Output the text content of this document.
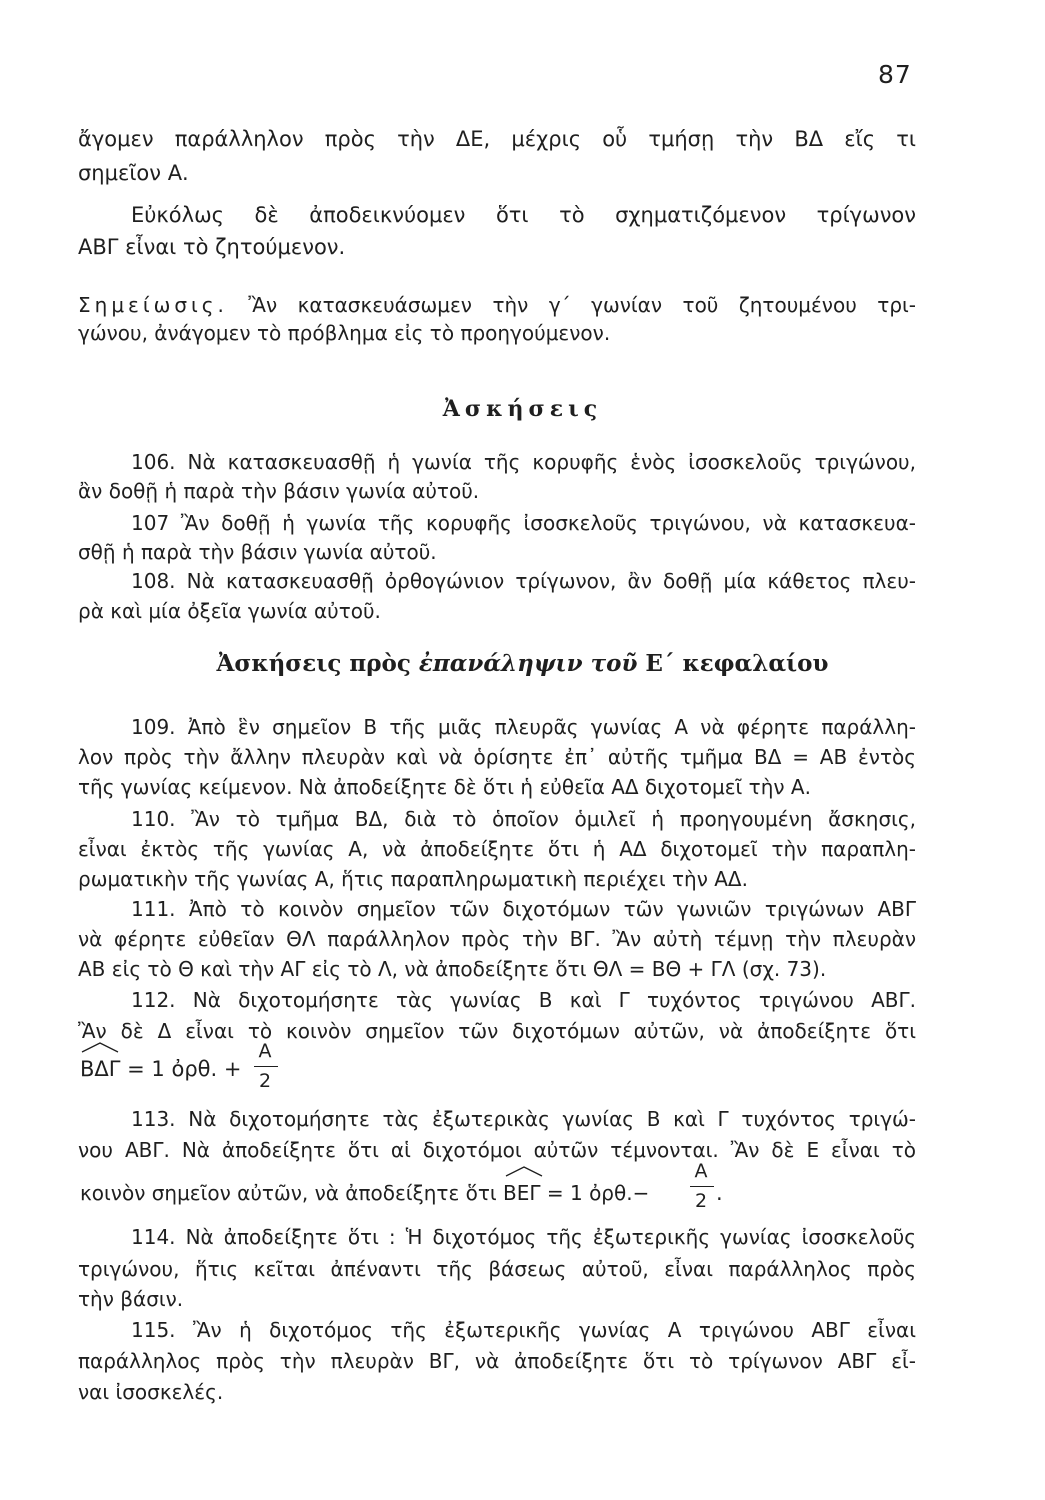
87
ἄγομεν παράλληλον πρὸς τὴν ΔΕ, μέχρις οὗ τμήσῃ τὴν ΒΔ εἴς τι
σημεῖον Α.
Εὐκόλως δὲ ἀποδεικνύομεν ὅτι τὸ σχηματιζόμενον τρίγωνον
ΑΒΓ εἶναι τὸ ζητούμενον.
Σημείωσις. Ἂν κατασκευάσωμεν τὴν γ΄ γωνίαν τοῦ ζητουμένου τρι-
γώνου, ἀνάγομεν τὸ πρόβλημα εἰς τὸ προηγούμενον.
Ἀσκήσεις
106. Νὰ κατασκευασθῇ ἡ γωνία τῆς κορυφῆς ἑνὸς ἰσοσκελοῦς τριγώνου,
ἂν δοθῇ ἡ παρὰ τὴν βάσιν γωνία αὐτοῦ.
107 Ἂν δοθῇ ἡ γωνία τῆς κορυφῆς ἰσοσκελοῦς τριγώνου, νὰ κατασκευα-
σθῇ ἡ παρὰ τὴν βάσιν γωνία αὐτοῦ.
108. Νὰ κατασκευασθῇ ὀρθογώνιον τρίγωνον, ἂν δοθῇ μία κάθετος πλευ-
ρὰ καὶ μία ὀξεῖα γωνία αὐτοῦ.
Ἀσκήσεις πρὸς ἐπανάληψιν τοῦ Ε΄ κεφαλαίου
109. Ἀπὸ ἓν σημεῖον Β τῆς μιᾶς πλευρᾶς γωνίας Α νὰ φέρητε παράλλη-
λον πρὸς τὴν ἄλλην πλευρὰν καὶ νὰ ὁρίσητε ἐπ᾽ αὐτῆς τμῆμα ΒΔ = ΑΒ ἐντὸς
τῆς γωνίας κείμενον. Νὰ ἀποδείξητε δὲ ὅτι ἡ εὐθεῖα ΑΔ διχοτομεῖ τὴν Α.
110. Ἂν τὸ τμῆμα ΒΔ, διὰ τὸ ὁποῖον ὁμιλεῖ ἡ προηγουμένη ἄσκησις,
εἶναι ἐκτὸς τῆς γωνίας Α, νὰ ἀποδείξητε ὅτι ἡ ΑΔ διχοτομεῖ τὴν παραπλη-
ρωματικὴν τῆς γωνίας Α, ἥτις παραπληρωματικὴ περιέχει τὴν ΑΔ.
111. Ἀπὸ τὸ κοινὸν σημεῖον τῶν διχοτόμων τῶν γωνιῶν τριγώνων ΑΒΓ
νὰ φέρητε εὐθεῖαν ΘΛ παράλληλον πρὸς τὴν ΒΓ. Ἂν αὐτὴ τέμνῃ τὴν πλευρὰν
ΑΒ εἰς τὸ Θ καὶ τὴν ΑΓ εἰς τὸ Λ, νὰ ἀποδείξητε ὅτι ΘΛ = ΒΘ + ΓΛ (σχ. 73).
112. Νὰ διχοτομήσητε τὰς γωνίας Β καὶ Γ τυχόντος τριγώνου ΑΒΓ.
Ἂν δὲ Δ εἶναι τὸ κοινὸν σημεῖον τῶν διχοτόμων αὐτῶν, νὰ ἀποδείξητε ὅτι
ΒΔΓ = 1 ὀρθ. +
Α
2
113. Νὰ διχοτομήσητε τὰς ἐξωτερικὰς γωνίας Β καὶ Γ τυχόντος τριγώ-
νου ΑΒΓ. Νὰ ἀποδείξητε ὅτι αἱ διχοτόμοι αὐτῶν τέμνονται. Ἂν δὲ Ε εἶναι τὸ
κοινὸν σημεῖον αὐτῶν, νὰ ἀποδείξητε ὅτι ΒΕΓ = 1 ὀρθ.−
Α
2 .
114. Νὰ ἀποδείξητε ὅτι : Ἡ διχοτόμος τῆς ἐξωτερικῆς γωνίας ἰσοσκελοῦς
τριγώνου, ἥτις κεῖται ἀπέναντι τῆς βάσεως αὐτοῦ, εἶναι παράλληλος πρὸς
τὴν βάσιν.
115. Ἂν ἡ διχοτόμος τῆς ἐξωτερικῆς γωνίας Α τριγώνου ΑΒΓ εἶναι
παράλληλος πρὸς τὴν πλευρὰν ΒΓ, νὰ ἀποδείξητε ὅτι τὸ τρίγωνον ΑΒΓ εἶ-
ναι ἰσοσκελές.
